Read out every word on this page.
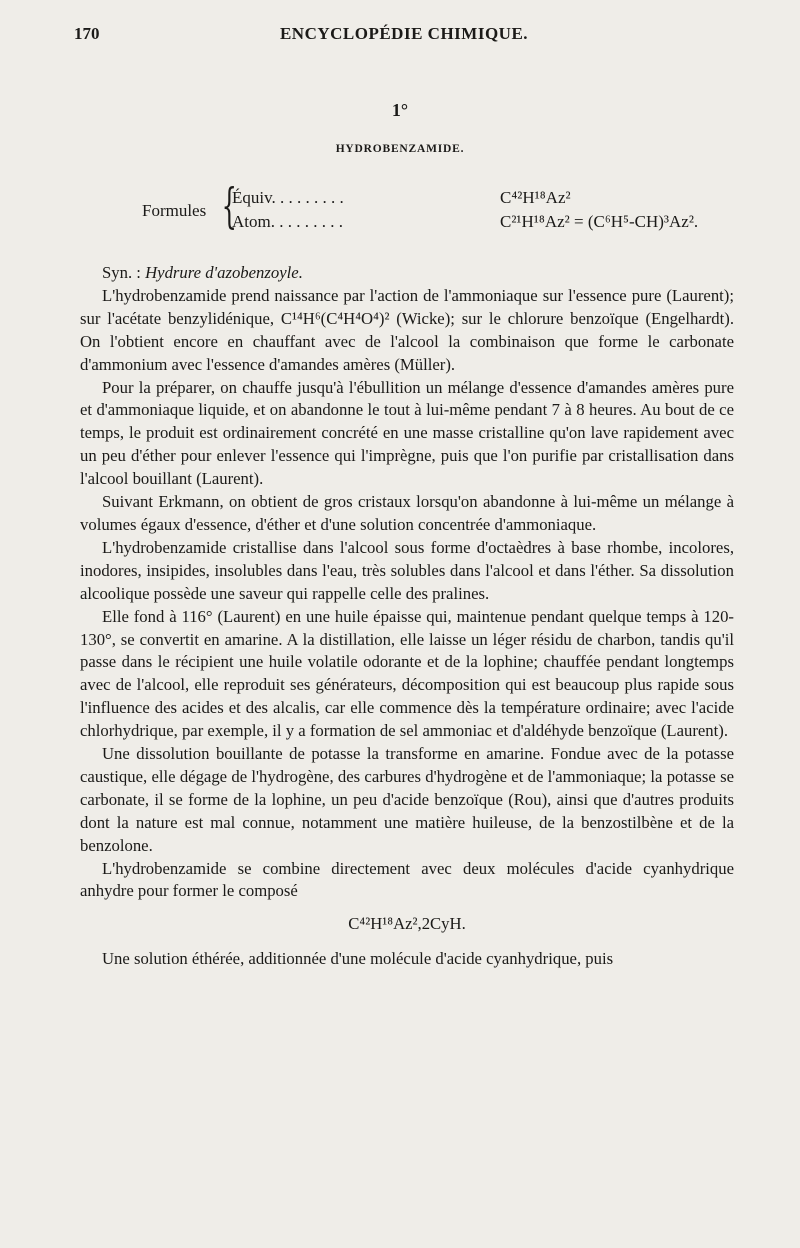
170	ENCYCLOPÉDIE CHIMIQUE.
1°
HYDROBENZAMIDE.
Formules {
Équiv. . . . . . . . .	C⁴²H¹⁸Az²
Atom. . . . . . . . .	C²¹H¹⁸Az² = (C⁶H⁵-CH)³Az².

Syn. : Hydrure d'azobenzoyle.

L'hydrobenzamide prend naissance par l'action de l'ammoniaque sur l'essence pure (Laurent); sur l'acétate benzylidénique, C¹⁴H⁶(C⁴H⁴O⁴)² (Wicke); sur le chlorure benzoïque (Engelhardt). On l'obtient encore en chauffant avec de l'alcool la combinaison que forme le carbonate d'ammonium avec l'essence d'amandes amères (Müller).

Pour la préparer, on chauffe jusqu'à l'ébullition un mélange d'essence d'amandes amères pure et d'ammoniaque liquide, et on abandonne le tout à lui-même pendant 7 à 8 heures. Au bout de ce temps, le produit est ordinairement concrété en une masse cristalline qu'on lave rapidement avec un peu d'éther pour enlever l'essence qui l'imprègne, puis que l'on purifie par cristallisation dans l'alcool bouillant (Laurent).

Suivant Erkmann, on obtient de gros cristaux lorsqu'on abandonne à lui-même un mélange à volumes égaux d'essence, d'éther et d'une solution concentrée d'ammoniaque.

L'hydrobenzamide cristallise dans l'alcool sous forme d'octaèdres à base rhombe, incolores, inodores, insipides, insolubles dans l'eau, très solubles dans l'alcool et dans l'éther. Sa dissolution alcoolique possède une saveur qui rappelle celle des pralines.

Elle fond à 116° (Laurent) en une huile épaisse qui, maintenue pendant quelque temps à 120-130°, se convertit en amarine. A la distillation, elle laisse un léger résidu de charbon, tandis qu'il passe dans le récipient une huile volatile odorante et de la lophine; chauffée pendant longtemps avec de l'alcool, elle reproduit ses générateurs, décomposition qui est beaucoup plus rapide sous l'influence des acides et des alcalis, car elle commence dès la température ordinaire; avec l'acide chlorhydrique, par exemple, il y a formation de sel ammoniac et d'aldéhyde benzoïque (Laurent).

Une dissolution bouillante de potasse la transforme en amarine. Fondue avec de la potasse caustique, elle dégage de l'hydrogène, des carbures d'hydrogène et de l'ammoniaque; la potasse se carbonate, il se forme de la lophine, un peu d'acide benzoïque (Rou), ainsi que d'autres produits dont la nature est mal connue, notamment une matière huileuse, de la benzostilbène et de la benzolone.

L'hydrobenzamide se combine directement avec deux molécules d'acide cyanhydrique anhydre pour former le composé

C⁴²H¹⁸Az²,2CyH.

Une solution éthérée, additionnée d'une molécule d'acide cyanhydrique, puis
